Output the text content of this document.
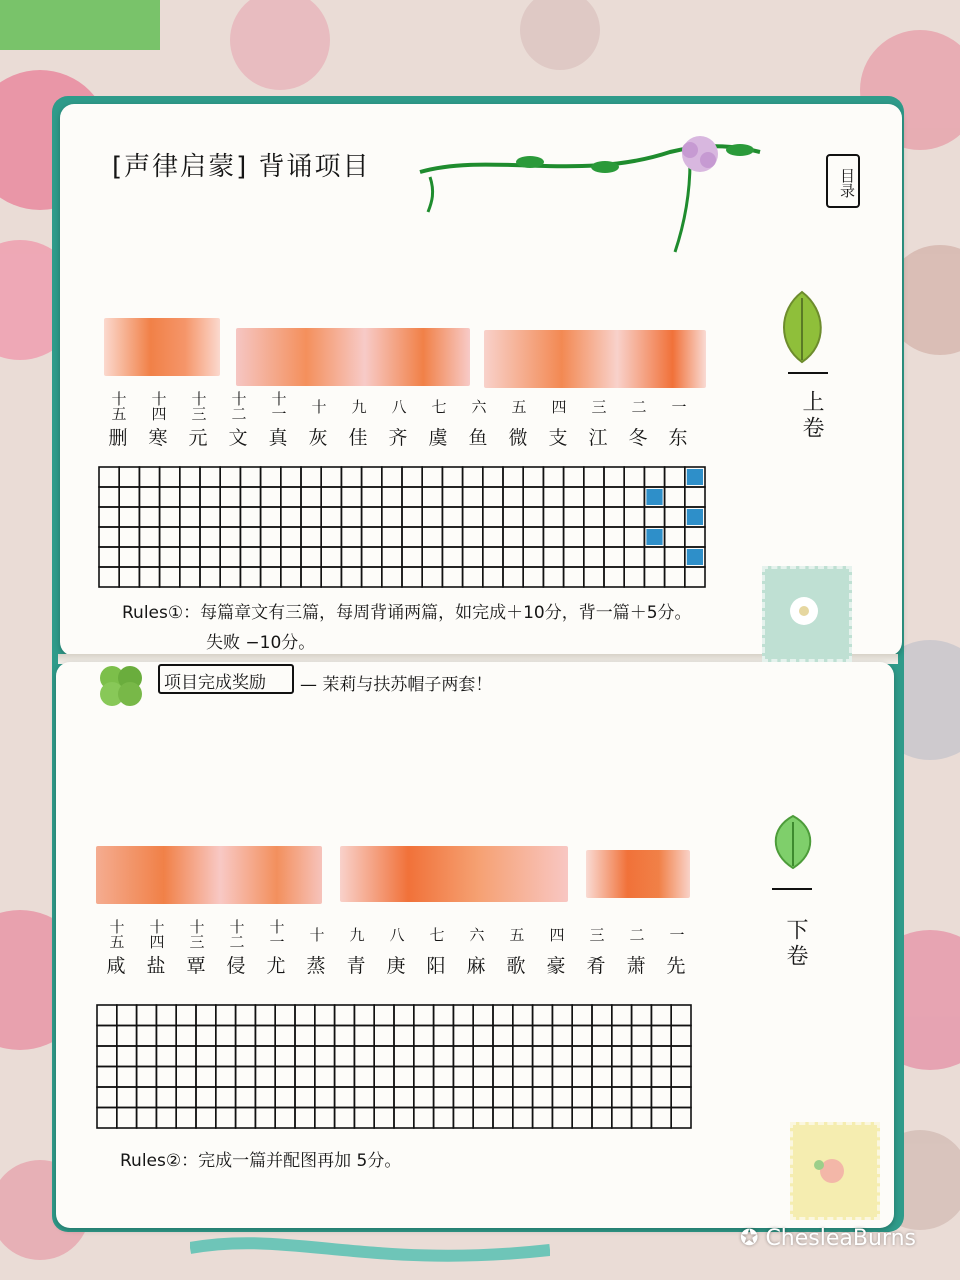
[声律启蒙] 背诵项目
目录
上卷
下卷
十五
删
十四
寒
十三
元
十二
文
十一
真
十
灰
九
佳
八
齐
七
虞
六
鱼
五
微
四
支
三
江
二
冬
一
东
Rules①：每篇章文有三篇，每周背诵两篇，如完成＋10分，背一篇＋5分。
失败 −10分。
项目完成奖励 — 茉莉与扶苏帽子两套！
十五
咸
十四
盐
十三
覃
十二
侵
十一
尤
十
蒸
九
青
八
庚
七
阳
六
麻
五
歌
四
豪
三
肴
二
萧
一
先
Rules②：完成一篇并配图再加 5分。
✪ ChesleaBurns
